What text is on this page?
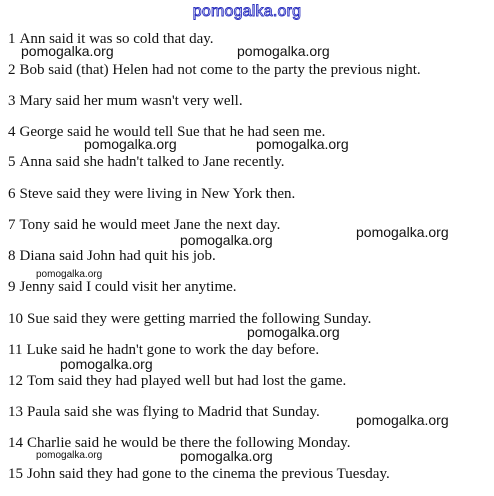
pomogalka.org
1 Ann said it was so cold that day.
2 Bob said (that) Helen had not come to the party the previous night.
3 Mary said her mum wasn't very well.
4 George said he would tell Sue that he had seen me.
5 Anna said she hadn't talked to Jane recently.
6 Steve said they were living in New York then.
7 Tony said he would meet Jane the next day.
8 Diana said John had quit his job.
9 Jenny said I could visit her anytime.
10 Sue said they were getting married the following Sunday.
11 Luke said he hadn't gone to work the day before.
12 Tom said they had played well but had lost the game.
13 Paula said she was flying to Madrid that Sunday.
14 Charlie said he would be there the following Monday.
15 John said they had gone to the cinema the previous Tuesday.
pomogalka.org	pomogalka.org
pomogalka.org	pomogalka.org
pomogalka.org	pomogalka.org
pomogalka.org
pomogalka.org
pomogalka.org
pomogalka.org
pomogalka.org	pomogalka.org
